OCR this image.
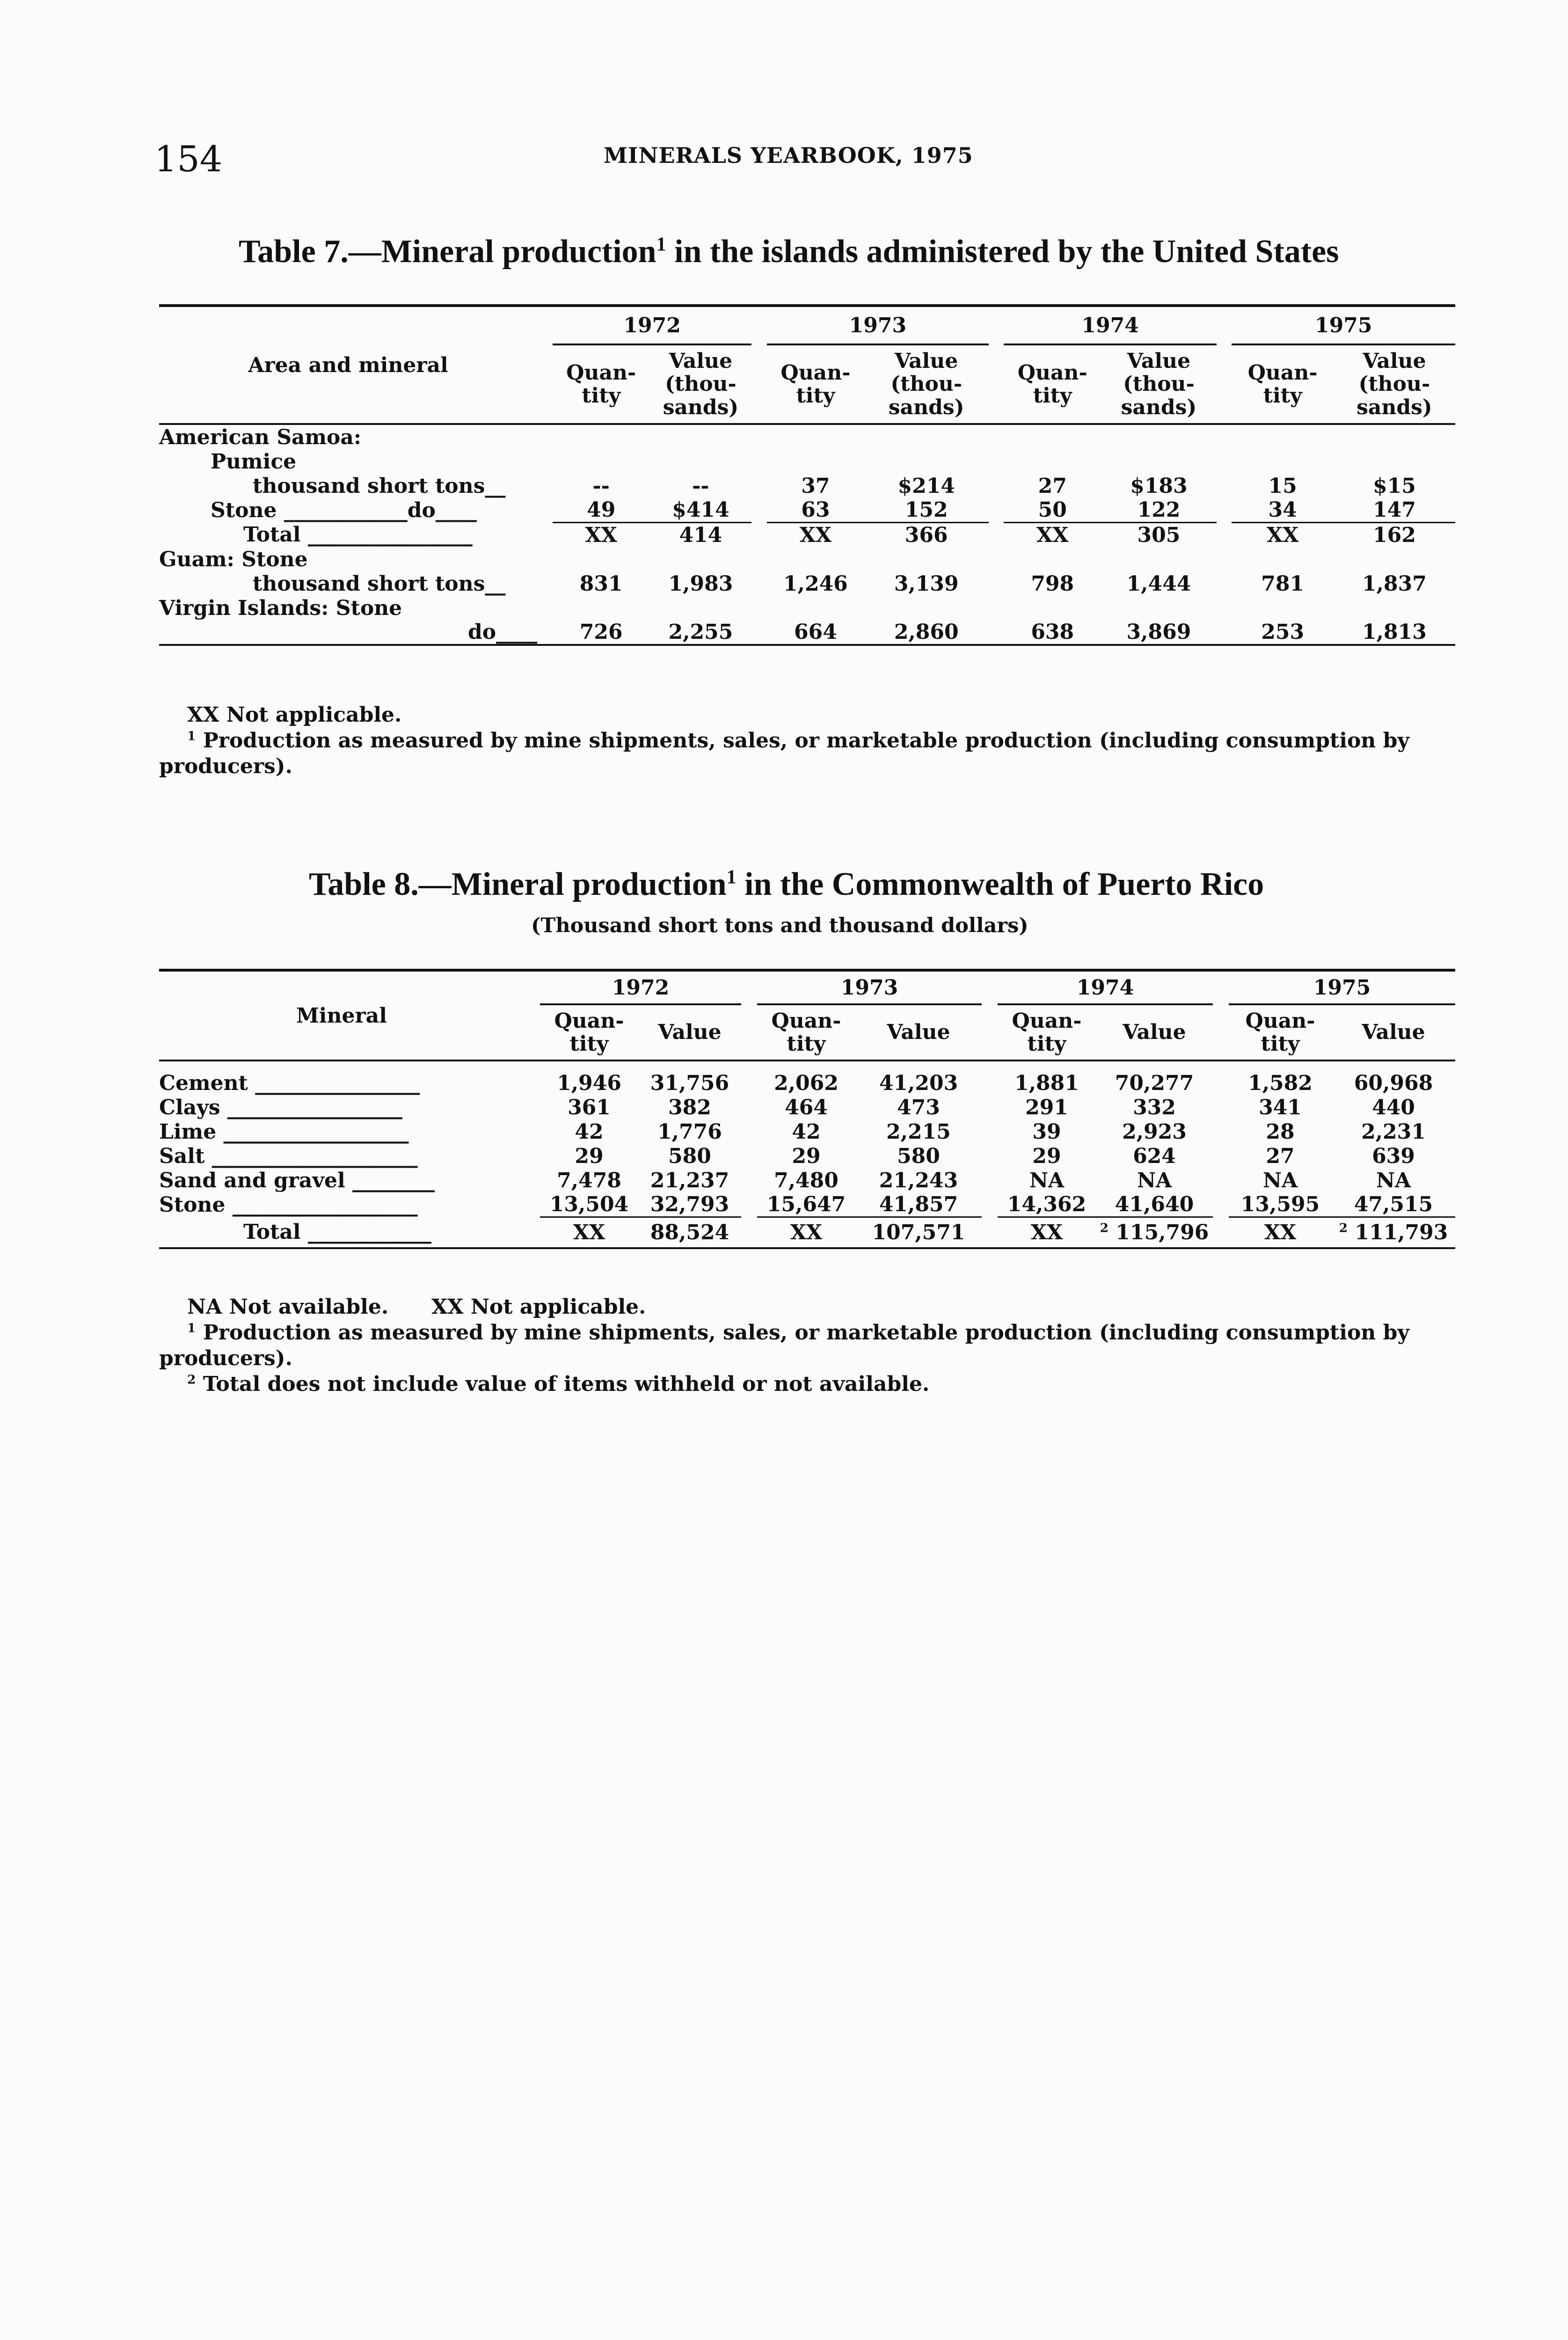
154	MINERALS YEARBOOK, 1975
Table 7.—Mineral production$^1$ in the islands administered by the United States

Area and mineral		1972			1973			1974			1975	
		Quan- tity	Value (thou- sands)		Quan- tity	Value (thou- sands)		Quan- tity	Value (thou- sands)		Quan- tity	Value (thou- sands)

American Samoa:												
Pumice												
thousand short tons__		--	--		37	$214		27	$183		15	$15
Stone ____________do____		49	$414		63	152		50	122		34	147
Total ________________		XX	414		XX	366		XX	305		XX	162
Guam: Stone												
thousand short tons__		831	1,983		1,246	3,139		798	1,444		781	1,837
Virgin Islands: Stone												
do____		726	2,255		664	2,860		638	3,869		253	1,813

XX Not applicable.

$^1$ Production as measured by mine shipments, sales, or marketable production (including consumption by producers).

Table 8.—Mineral production$^1$ in the Commonwealth of Puerto Rico
(Thousand short tons and thousand dollars)

Mineral		1972			1973			1974			1975	
		Quan- tity	Value		Quan- tity	Value		Quan- tity	Value		Quan- tity	Value

Cement ________________		1,946	31,756		2,062	41,203		1,881	70,277		1,582	60,968
Clays _________________		361	382		464	473		291	332		341	440
Lime __________________		42	1,776		42	2,215		39	2,923		28	2,231
Salt ____________________		29	580		29	580		29	624		27	639
Sand and gravel ________		7,478	21,237		7,480	21,243		NA	NA		NA	NA
Stone __________________		13,504	32,793		15,647	41,857		14,362	41,640		13,595	47,515
Total ____________		XX	88,524		XX	107,571		XX	$^2$ 115,796		XX	$^2$ 111,793

NA Not available.      XX Not applicable.

$^1$ Production as measured by mine shipments, sales, or marketable production (including consumption by producers).

$^2$ Total does not include value of items withheld or not available.
